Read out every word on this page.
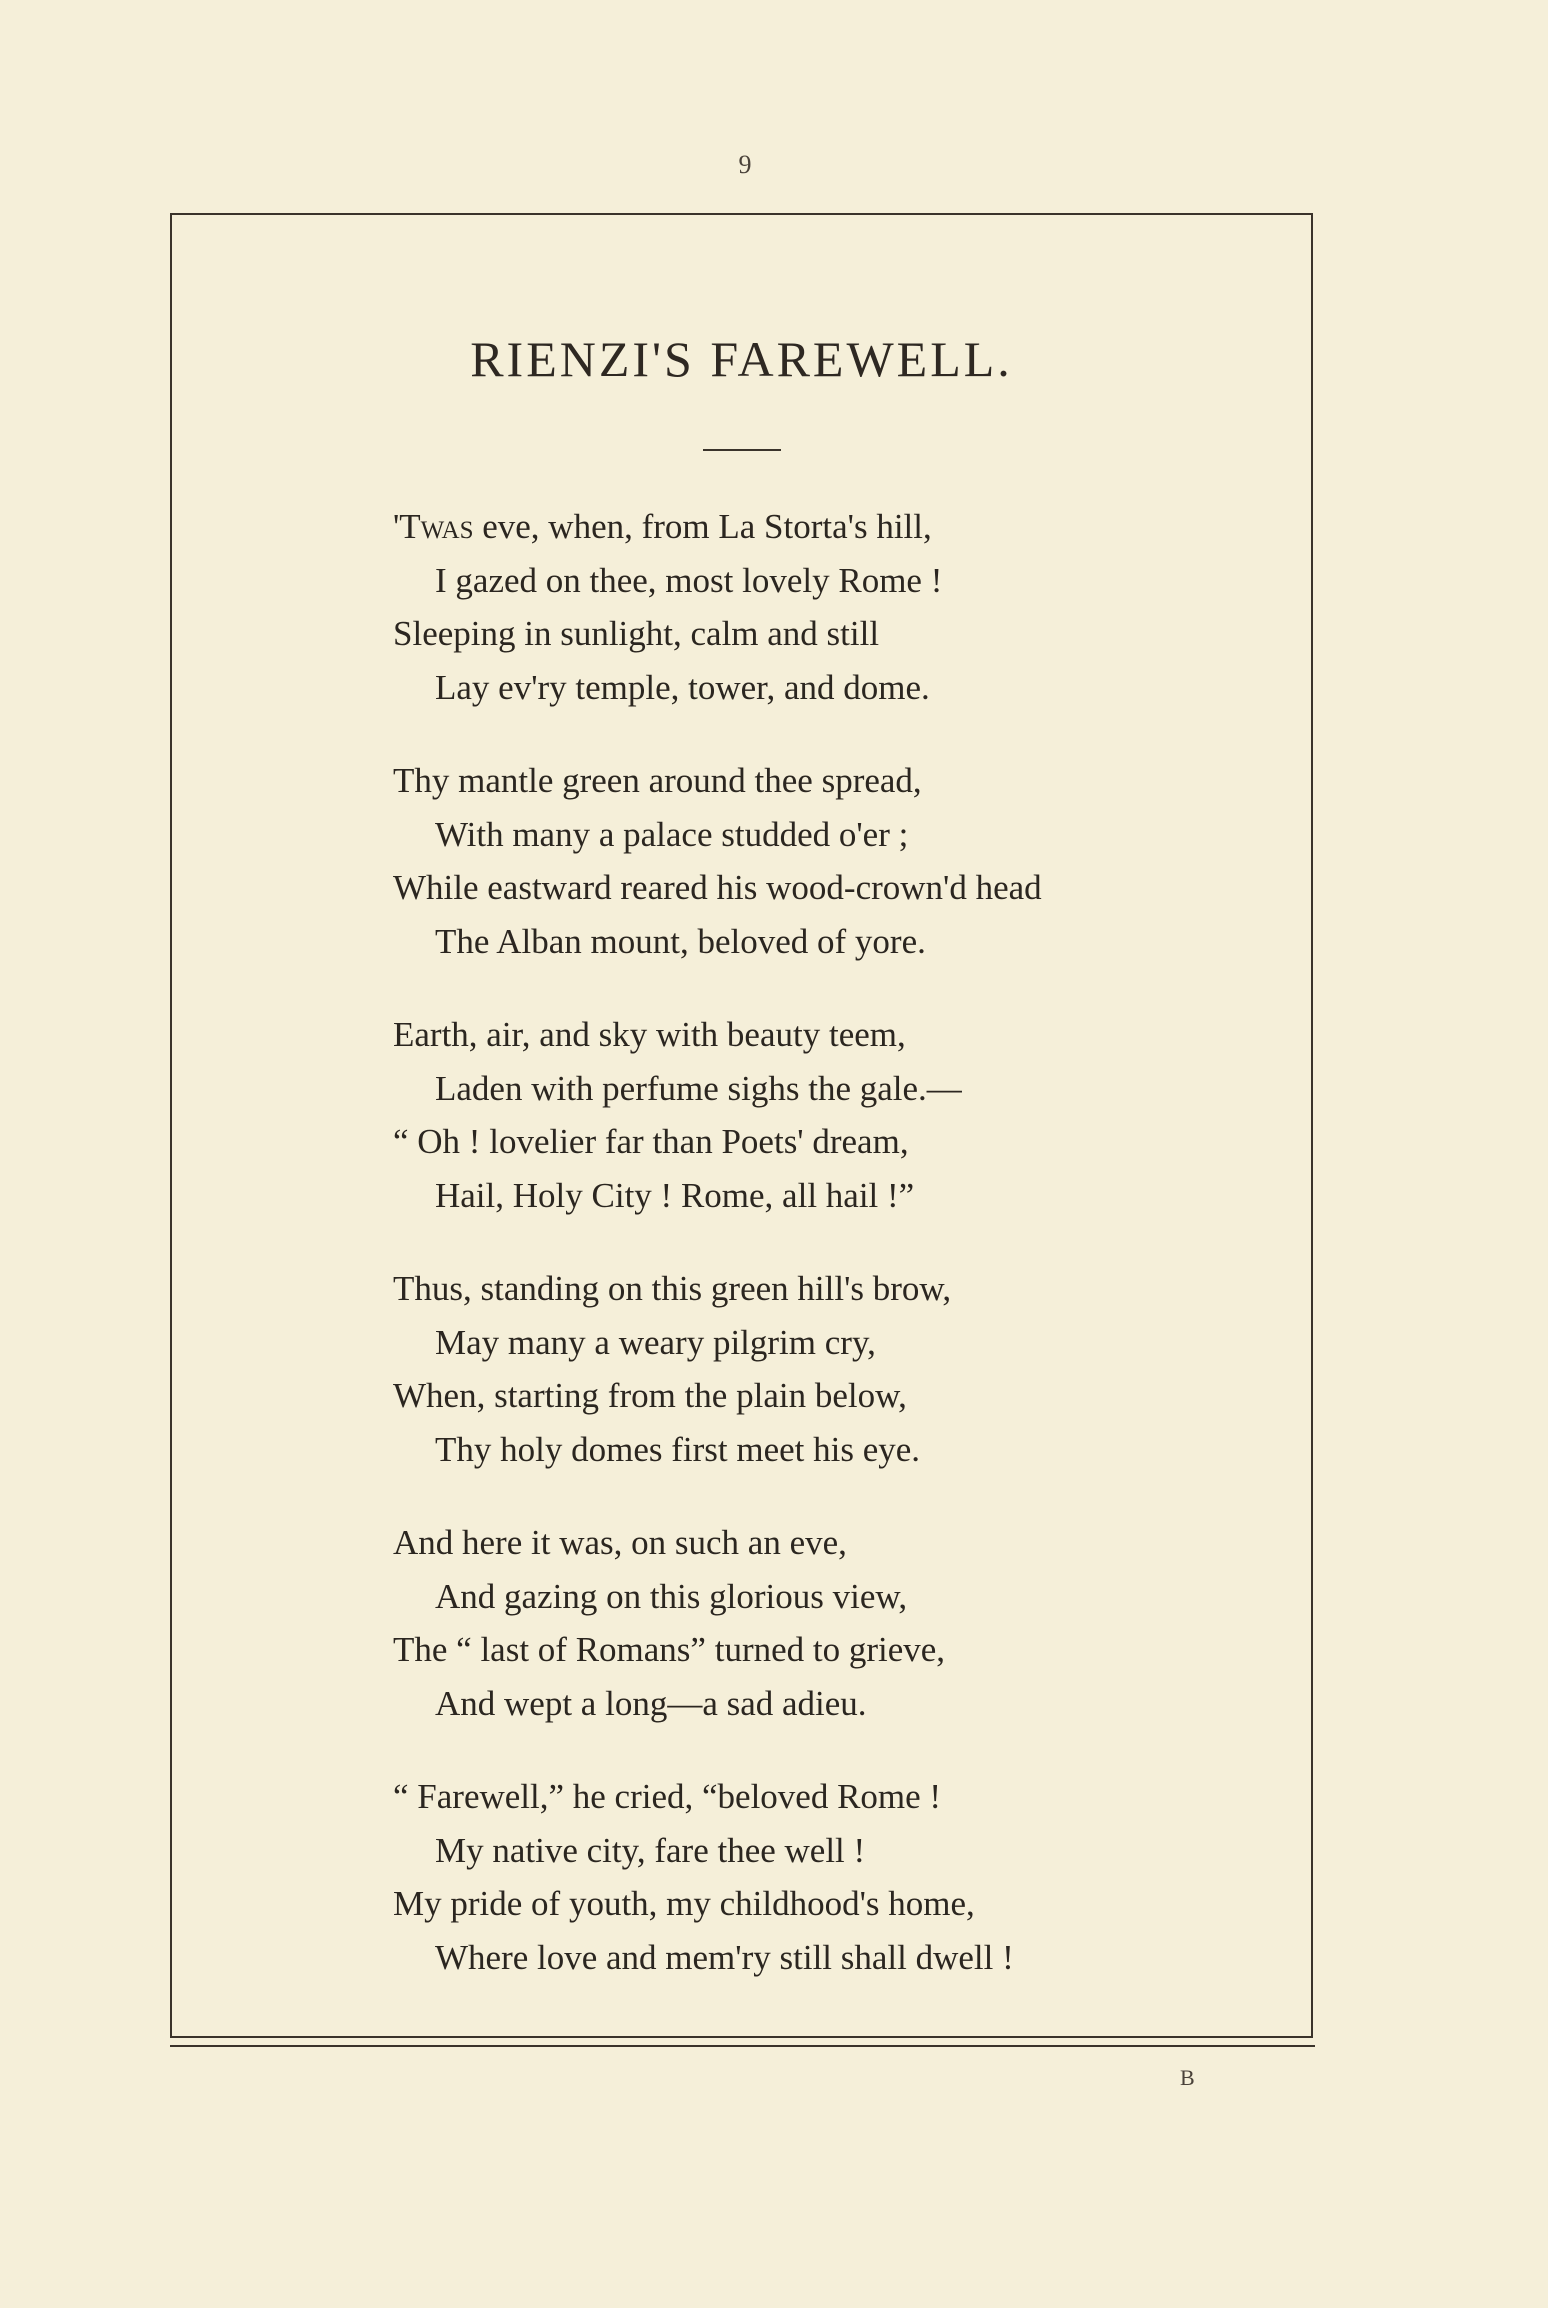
9
RIENZI'S FAREWELL.
'Twas eve, when, from La Storta's hill,
I gazed on thee, most lovely Rome !
Sleeping in sunlight, calm and still
Lay ev'ry temple, tower, and dome.
Thy mantle green around thee spread,
With many a palace studded o'er ;
While eastward reared his wood-crown'd head
The Alban mount, beloved of yore.
Earth, air, and sky with beauty teem,
Laden with perfume sighs the gale.—
“ Oh ! lovelier far than Poets' dream,
Hail, Holy City ! Rome, all hail !”
Thus, standing on this green hill's brow,
May many a weary pilgrim cry,
When, starting from the plain below,
Thy holy domes first meet his eye.
And here it was, on such an eve,
And gazing on this glorious view,
The “ last of Romans” turned to grieve,
And wept a long—a sad adieu.
“ Farewell,” he cried, “beloved Rome !
My native city, fare thee well !
My pride of youth, my childhood's home,
Where love and mem'ry still shall dwell !
B
